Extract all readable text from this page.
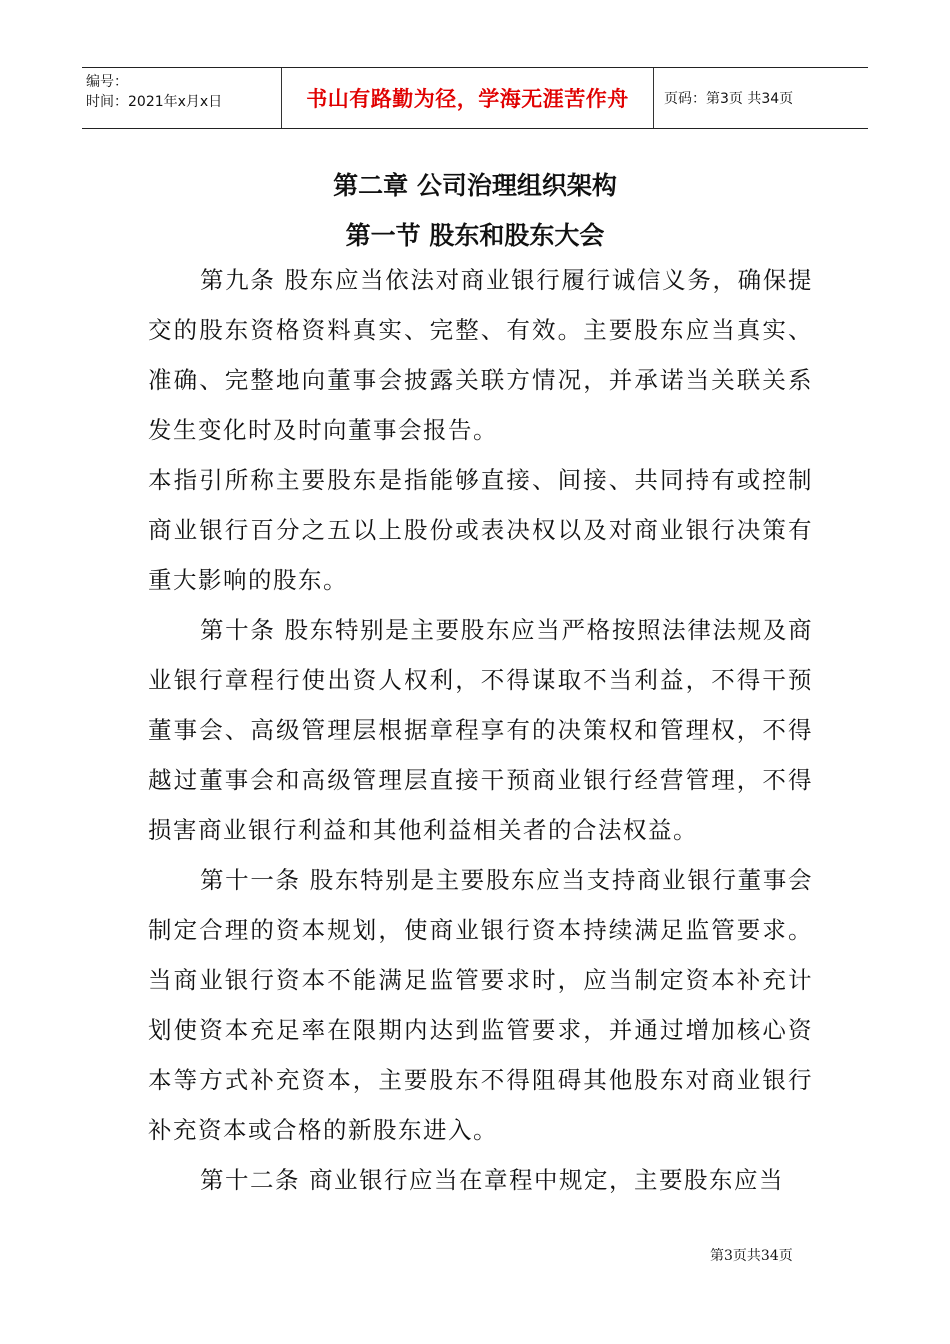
编号：
时间：2021年x月x日	书山有路勤为径，学海无涯苦作舟	页码：第3页 共34页
第二章 公司治理组织架构
第一节 股东和股东大会

第九条 股东应当依法对商业银行履行诚信义务，确保提交的股东资格资料真实、完整、有效。主要股东应当真实、准确、完整地向董事会披露关联方情况，并承诺当关联关系发生变化时及时向董事会报告。

本指引所称主要股东是指能够直接、间接、共同持有或控制商业银行百分之五以上股份或表决权以及对商业银行决策有重大影响的股东。

第十条 股东特别是主要股东应当严格按照法律法规及商业银行章程行使出资人权利，不得谋取不当利益，不得干预董事会、高级管理层根据章程享有的决策权和管理权，不得越过董事会和高级管理层直接干预商业银行经营管理，不得损害商业银行利益和其他利益相关者的合法权益。

第十一条 股东特别是主要股东应当支持商业银行董事会制定合理的资本规划，使商业银行资本持续满足监管要求。当商业银行资本不能满足监管要求时，应当制定资本补充计划使资本充足率在限期内达到监管要求，并通过增加核心资本等方式补充资本，主要股东不得阻碍其他股东对商业银行补充资本或合格的新股东进入。

第十二条 商业银行应当在章程中规定，主要股东应当

第3页共34页
